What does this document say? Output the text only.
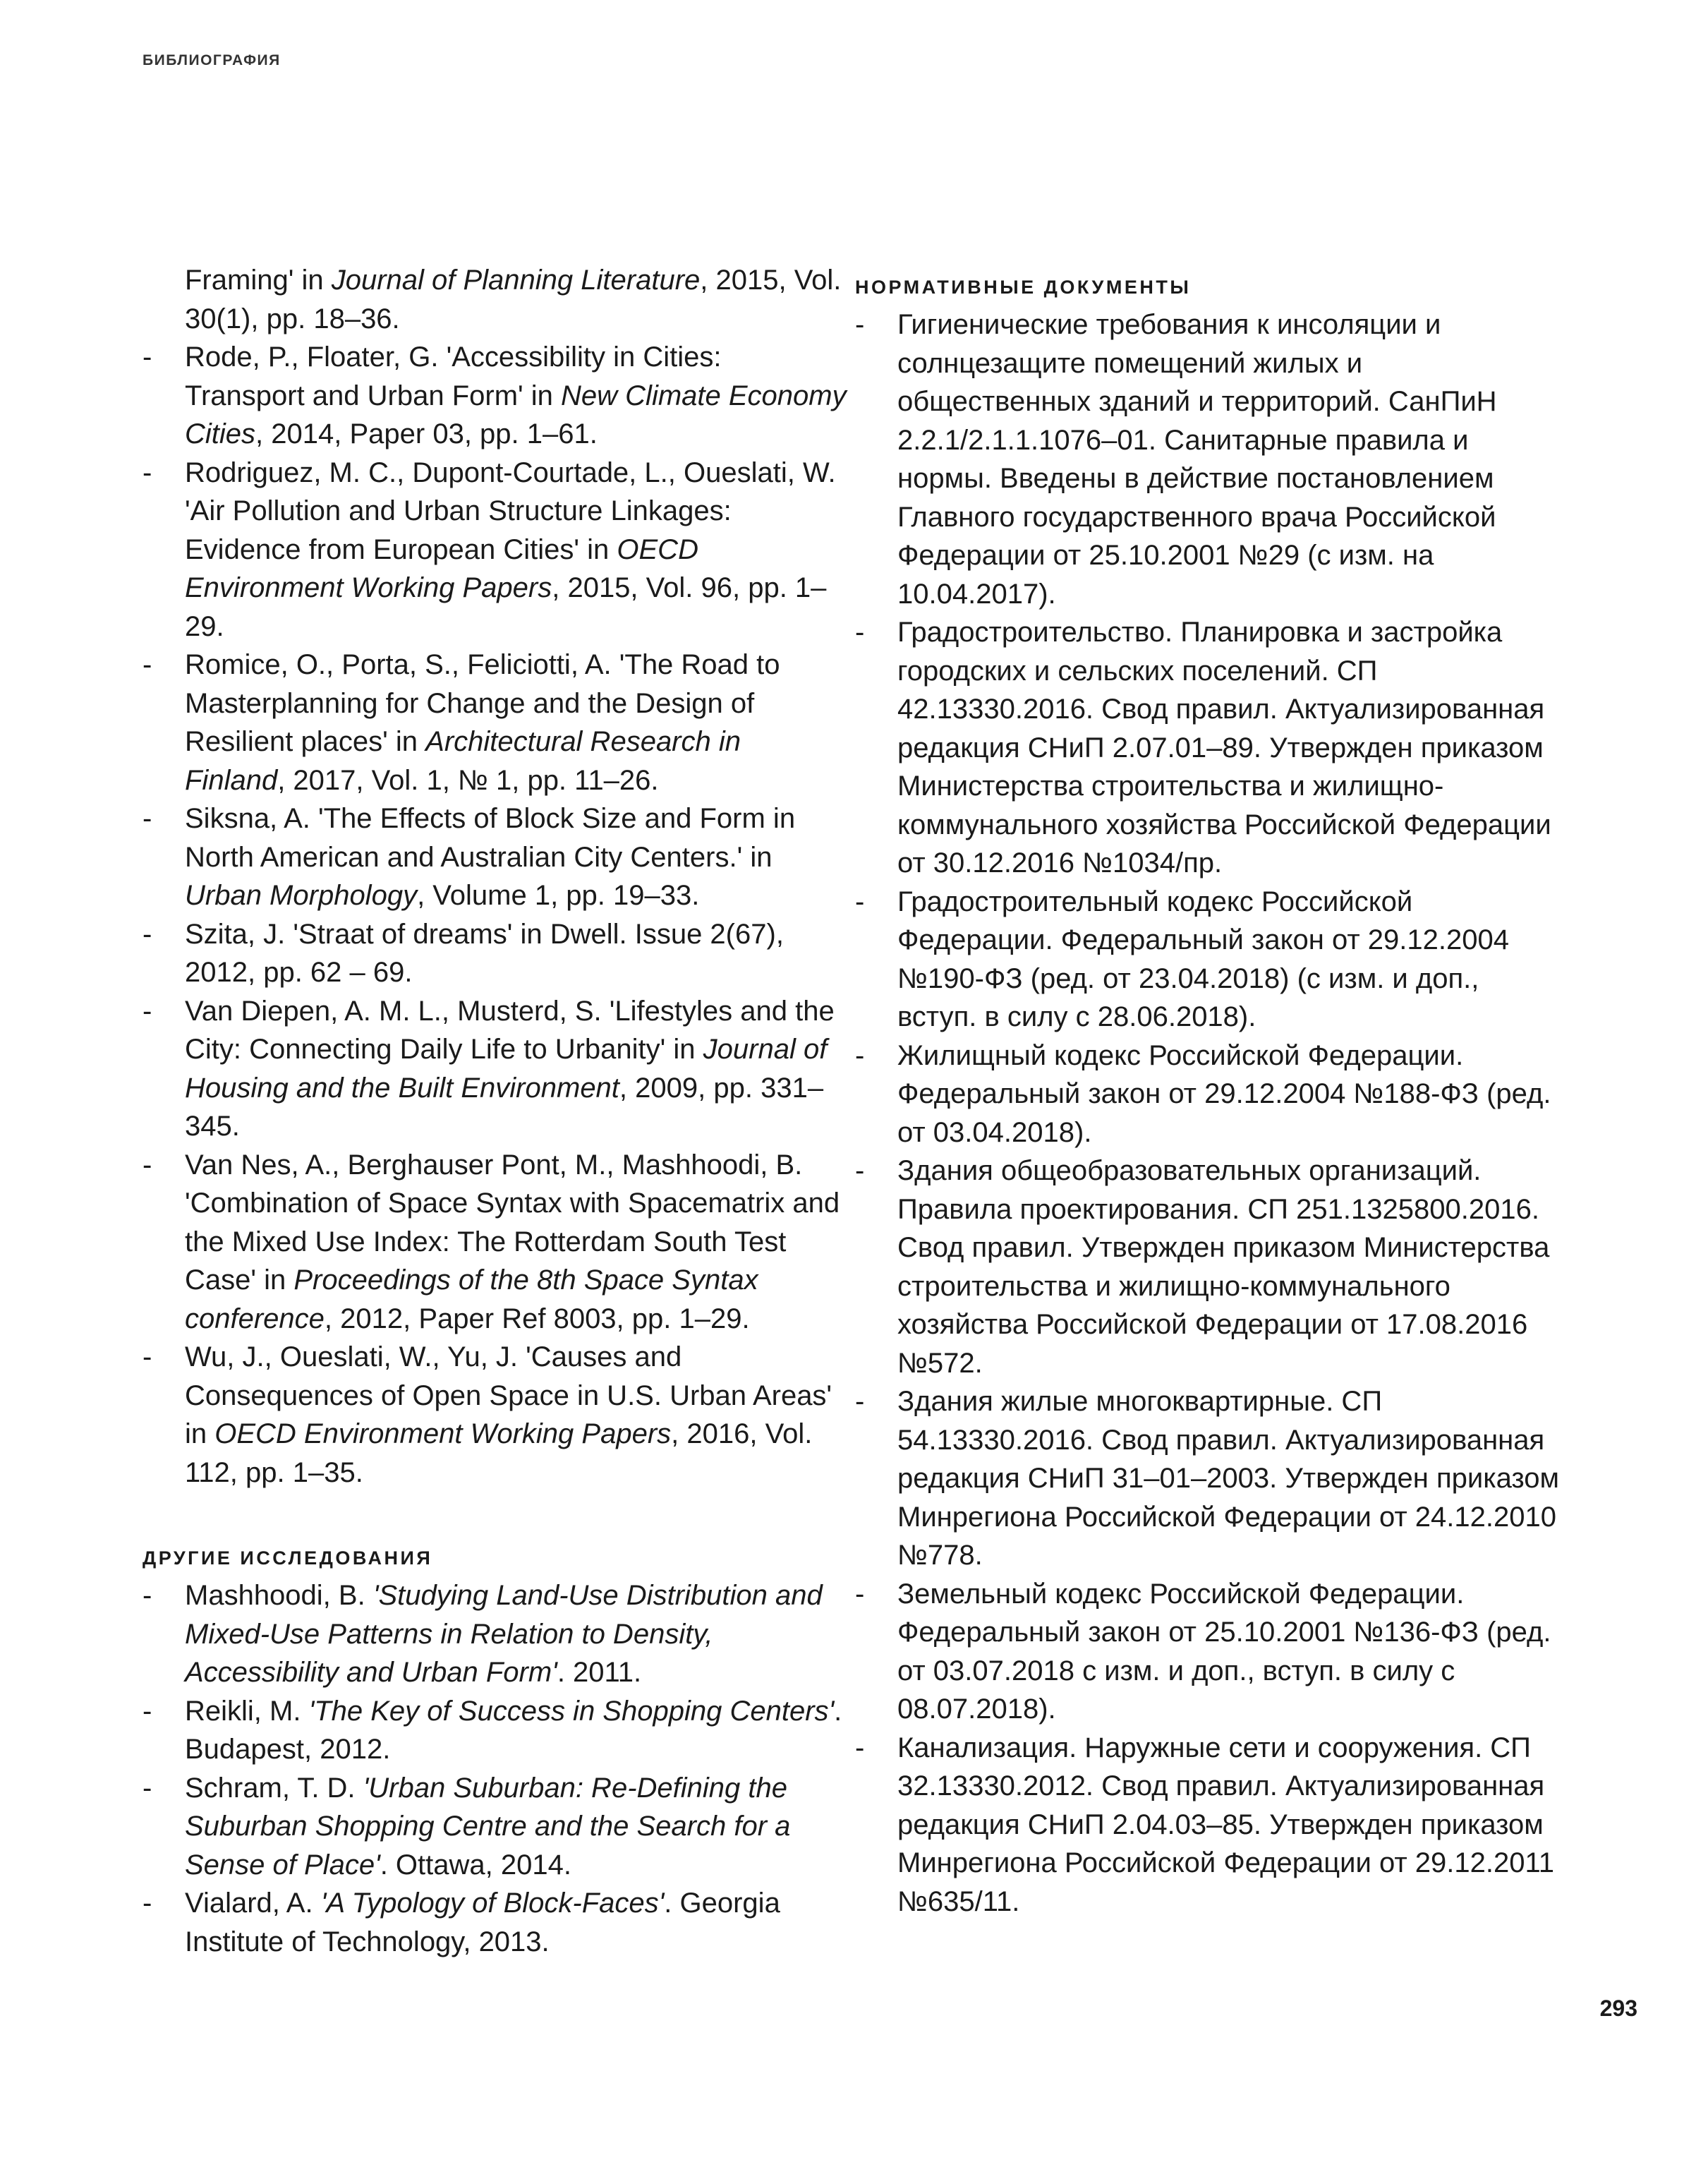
БИБЛИОГРАФИЯ

Framing' in Journal of Planning Literature, 2015, Vol. 30(1), pp. 18–36.

- Rode, P., Floater, G. 'Accessibility in Cities: Transport and Urban Form' in New Climate Economy Cities, 2014, Paper 03, pp. 1–61.

- Rodriguez, M. C., Dupont-Courtade, L., Oueslati, W. 'Air Pollution and Urban Structure Linkages: Evidence from European Cities' in OECD Environment Working Papers, 2015, Vol. 96, pp. 1–29.

- Romice, O., Porta, S., Feliciotti, A. 'The Road to Masterplanning for Change and the Design of Resilient places' in Architectural Research in Finland, 2017, Vol. 1, № 1, pp. 11–26.

- Siksna, A. 'The Effects of Block Size and Form in North American and Australian City Centers.' in Urban Morphology, Volume 1, pp. 19–33.

- Szita, J. 'Straat of dreams' in Dwell. Issue 2(67), 2012, pp. 62 – 69.

- Van Diepen, A. M. L., Musterd, S. 'Lifestyles and the City: Connecting Daily Life to Urbanity' in Journal of Housing and the Built Environment, 2009, pp. 331–345.

- Van Nes, A., Berghauser Pont, M., Mashhoodi, B. 'Combination of Space Syntax with Spacematrix and the Mixed Use Index: The Rotterdam South Test Case' in Proceedings of the 8th Space Syntax conference, 2012, Paper Ref 8003, pp. 1–29.

- Wu, J., Oueslati, W., Yu, J. 'Causes and Consequences of Open Space in U.S. Urban Areas' in OECD Environment Working Papers, 2016, Vol. 112, pp. 1–35.

ДРУГИЕ ИССЛЕДОВАНИЯ

- Mashhoodi, B. 'Studying Land-Use Distribution and Mixed-Use Patterns in Relation to Density, Accessibility and Urban Form'. 2011.

- Reikli, M. 'The Key of Success in Shopping Centers'. Budapest, 2012.

- Schram, T. D. 'Urban Suburban: Re-Defining the Suburban Shopping Centre and the Search for a Sense of Place'. Ottawa, 2014.

- Vialard, A. 'A Typology of Block-Faces'. Georgia Institute of Technology, 2013.

НОРМАТИВНЫЕ ДОКУМЕНТЫ

- Гигиенические требования к инсоляции и солнцезащите помещений жилых и общественных зданий и территорий. СанПиН 2.2.1/2.1.1.1076–01. Санитарные правила и нормы. Введены в действие постановлением Главного государственного врача Российской Федерации от 25.10.2001 №29 (с изм. на 10.04.2017).

- Градостроительство. Планировка и застройка городских и сельских поселений. СП 42.13330.2016. Свод правил. Актуализированная редакция СНиП 2.07.01–89. Утвержден приказом Министерства строительства и жилищно-коммунального хозяйства Российской Федерации от 30.12.2016 №1034/пр.

- Градостроительный кодекс Российской Федерации. Федеральный закон от 29.12.2004 №190-ФЗ (ред. от 23.04.2018) (с изм. и доп., вступ. в силу с 28.06.2018).

- Жилищный кодекс Российской Федерации. Федеральный закон от 29.12.2004 №188-ФЗ (ред. от 03.04.2018).

- Здания общеобразовательных организаций. Правила проектирования. СП 251.1325800.2016. Свод правил. Утвержден приказом Министерства строительства и жилищно-коммунального хозяйства Российской Федерации от 17.08.2016 №572.

- Здания жилые многоквартирные. СП 54.13330.2016. Свод правил. Актуализированная редакция СНиП 31–01–2003. Утвержден приказом Минрегиона Российской Федерации от 24.12.2010 №778.

- Земельный кодекс Российской Федерации. Федеральный закон от 25.10.2001 №136-ФЗ (ред. от 03.07.2018 с изм. и доп., вступ. в силу с 08.07.2018).

- Канализация. Наружные сети и сооружения. СП 32.13330.2012. Свод правил. Актуализированная редакция СНиП 2.04.03–85. Утвержден приказом Минрегиона Российской Федерации от 29.12.2011 №635/11.

293
